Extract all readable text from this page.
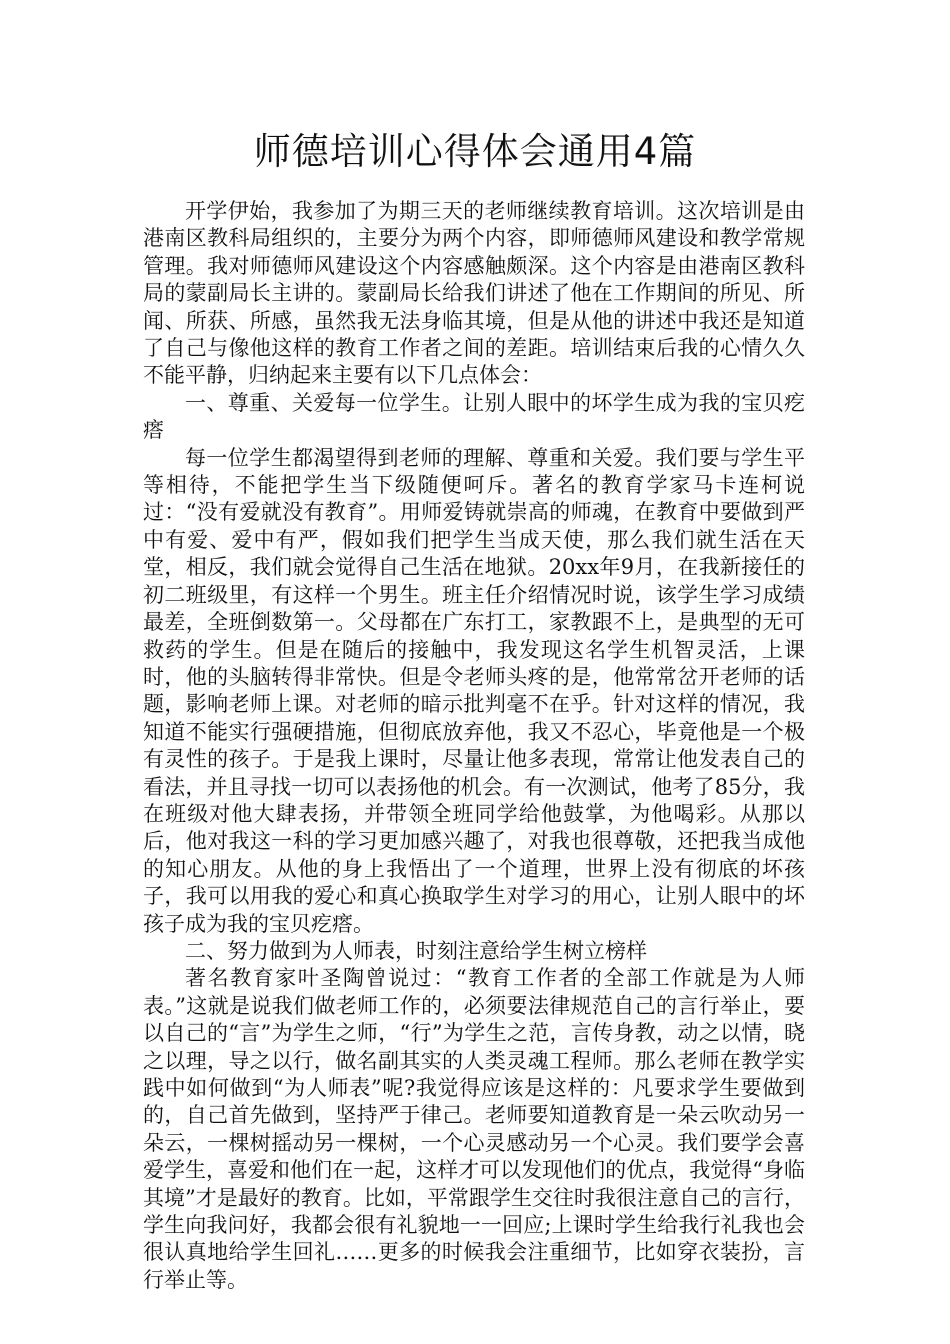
师德培训心得体会通用4篇

开学伊始，我参加了为期三天的老师继续教育培训。这次培训是由港南区教科局组织的，主要分为两个内容，即师德师风建设和教学常规管理。我对师德师风建设这个内容感触颇深。这个内容是由港南区教科局的蒙副局长主讲的。蒙副局长给我们讲述了他在工作期间的所见、所闻、所获、所感，虽然我无法身临其境，但是从他的讲述中我还是知道了自己与像他这样的教育工作者之间的差距。培训结束后我的心情久久不能平静，归纳起来主要有以下几点体会：

一、尊重、关爱每一位学生。让别人眼中的坏学生成为我的宝贝疙瘩

每一位学生都渴望得到老师的理解、尊重和关爱。我们要与学生平等相待，不能把学生当下级随便呵斥。著名的教育学家马卡连柯说过：“没有爱就没有教育”。用师爱铸就崇高的师魂，在教育中要做到严中有爱、爱中有严，假如我们把学生当成天使，那么我们就生活在天堂，相反，我们就会觉得自己生活在地狱。20xx年9月，在我新接任的初二班级里，有这样一个男生。班主任介绍情况时说，该学生学习成绩最差，全班倒数第一。父母都在广东打工，家教跟不上，是典型的无可救药的学生。但是在随后的接触中，我发现这名学生机智灵活，上课时，他的头脑转得非常快。但是令老师头疼的是，他常常岔开老师的话题，影响老师上课。对老师的暗示批判毫不在乎。针对这样的情况，我知道不能实行强硬措施，但彻底放弃他，我又不忍心，毕竟他是一个极有灵性的孩子。于是我上课时，尽量让他多表现，常常让他发表自己的看法，并且寻找一切可以表扬他的机会。有一次测试，他考了85分，我在班级对他大肆表扬，并带领全班同学给他鼓掌，为他喝彩。从那以后，他对我这一科的学习更加感兴趣了，对我也很尊敬，还把我当成他的知心朋友。从他的身上我悟出了一个道理，世界上没有彻底的坏孩子，我可以用我的爱心和真心换取学生对学习的用心，让别人眼中的坏孩子成为我的宝贝疙瘩。

二、努力做到为人师表，时刻注意给学生树立榜样

著名教育家叶圣陶曾说过：“教育工作者的全部工作就是为人师表。”这就是说我们做老师工作的，必须要法律规范自己的言行举止，要以自己的“言”为学生之师，“行”为学生之范，言传身教，动之以情，晓之以理，导之以行，做名副其实的人类灵魂工程师。那么老师在教学实践中如何做到“为人师表”呢?我觉得应该是这样的：凡要求学生要做到的，自己首先做到，坚持严于律己。老师要知道教育是一朵云吹动另一朵云，一棵树摇动另一棵树，一个心灵感动另一个心灵。我们要学会喜爱学生，喜爱和他们在一起，这样才可以发现他们的优点，我觉得“身临其境”才是最好的教育。比如，平常跟学生交往时我很注意自己的言行，学生向我问好，我都会很有礼貌地一一回应;上课时学生给我行礼我也会很认真地给学生回礼……更多的时候我会注重细节，比如穿衣装扮，言行举止等。
